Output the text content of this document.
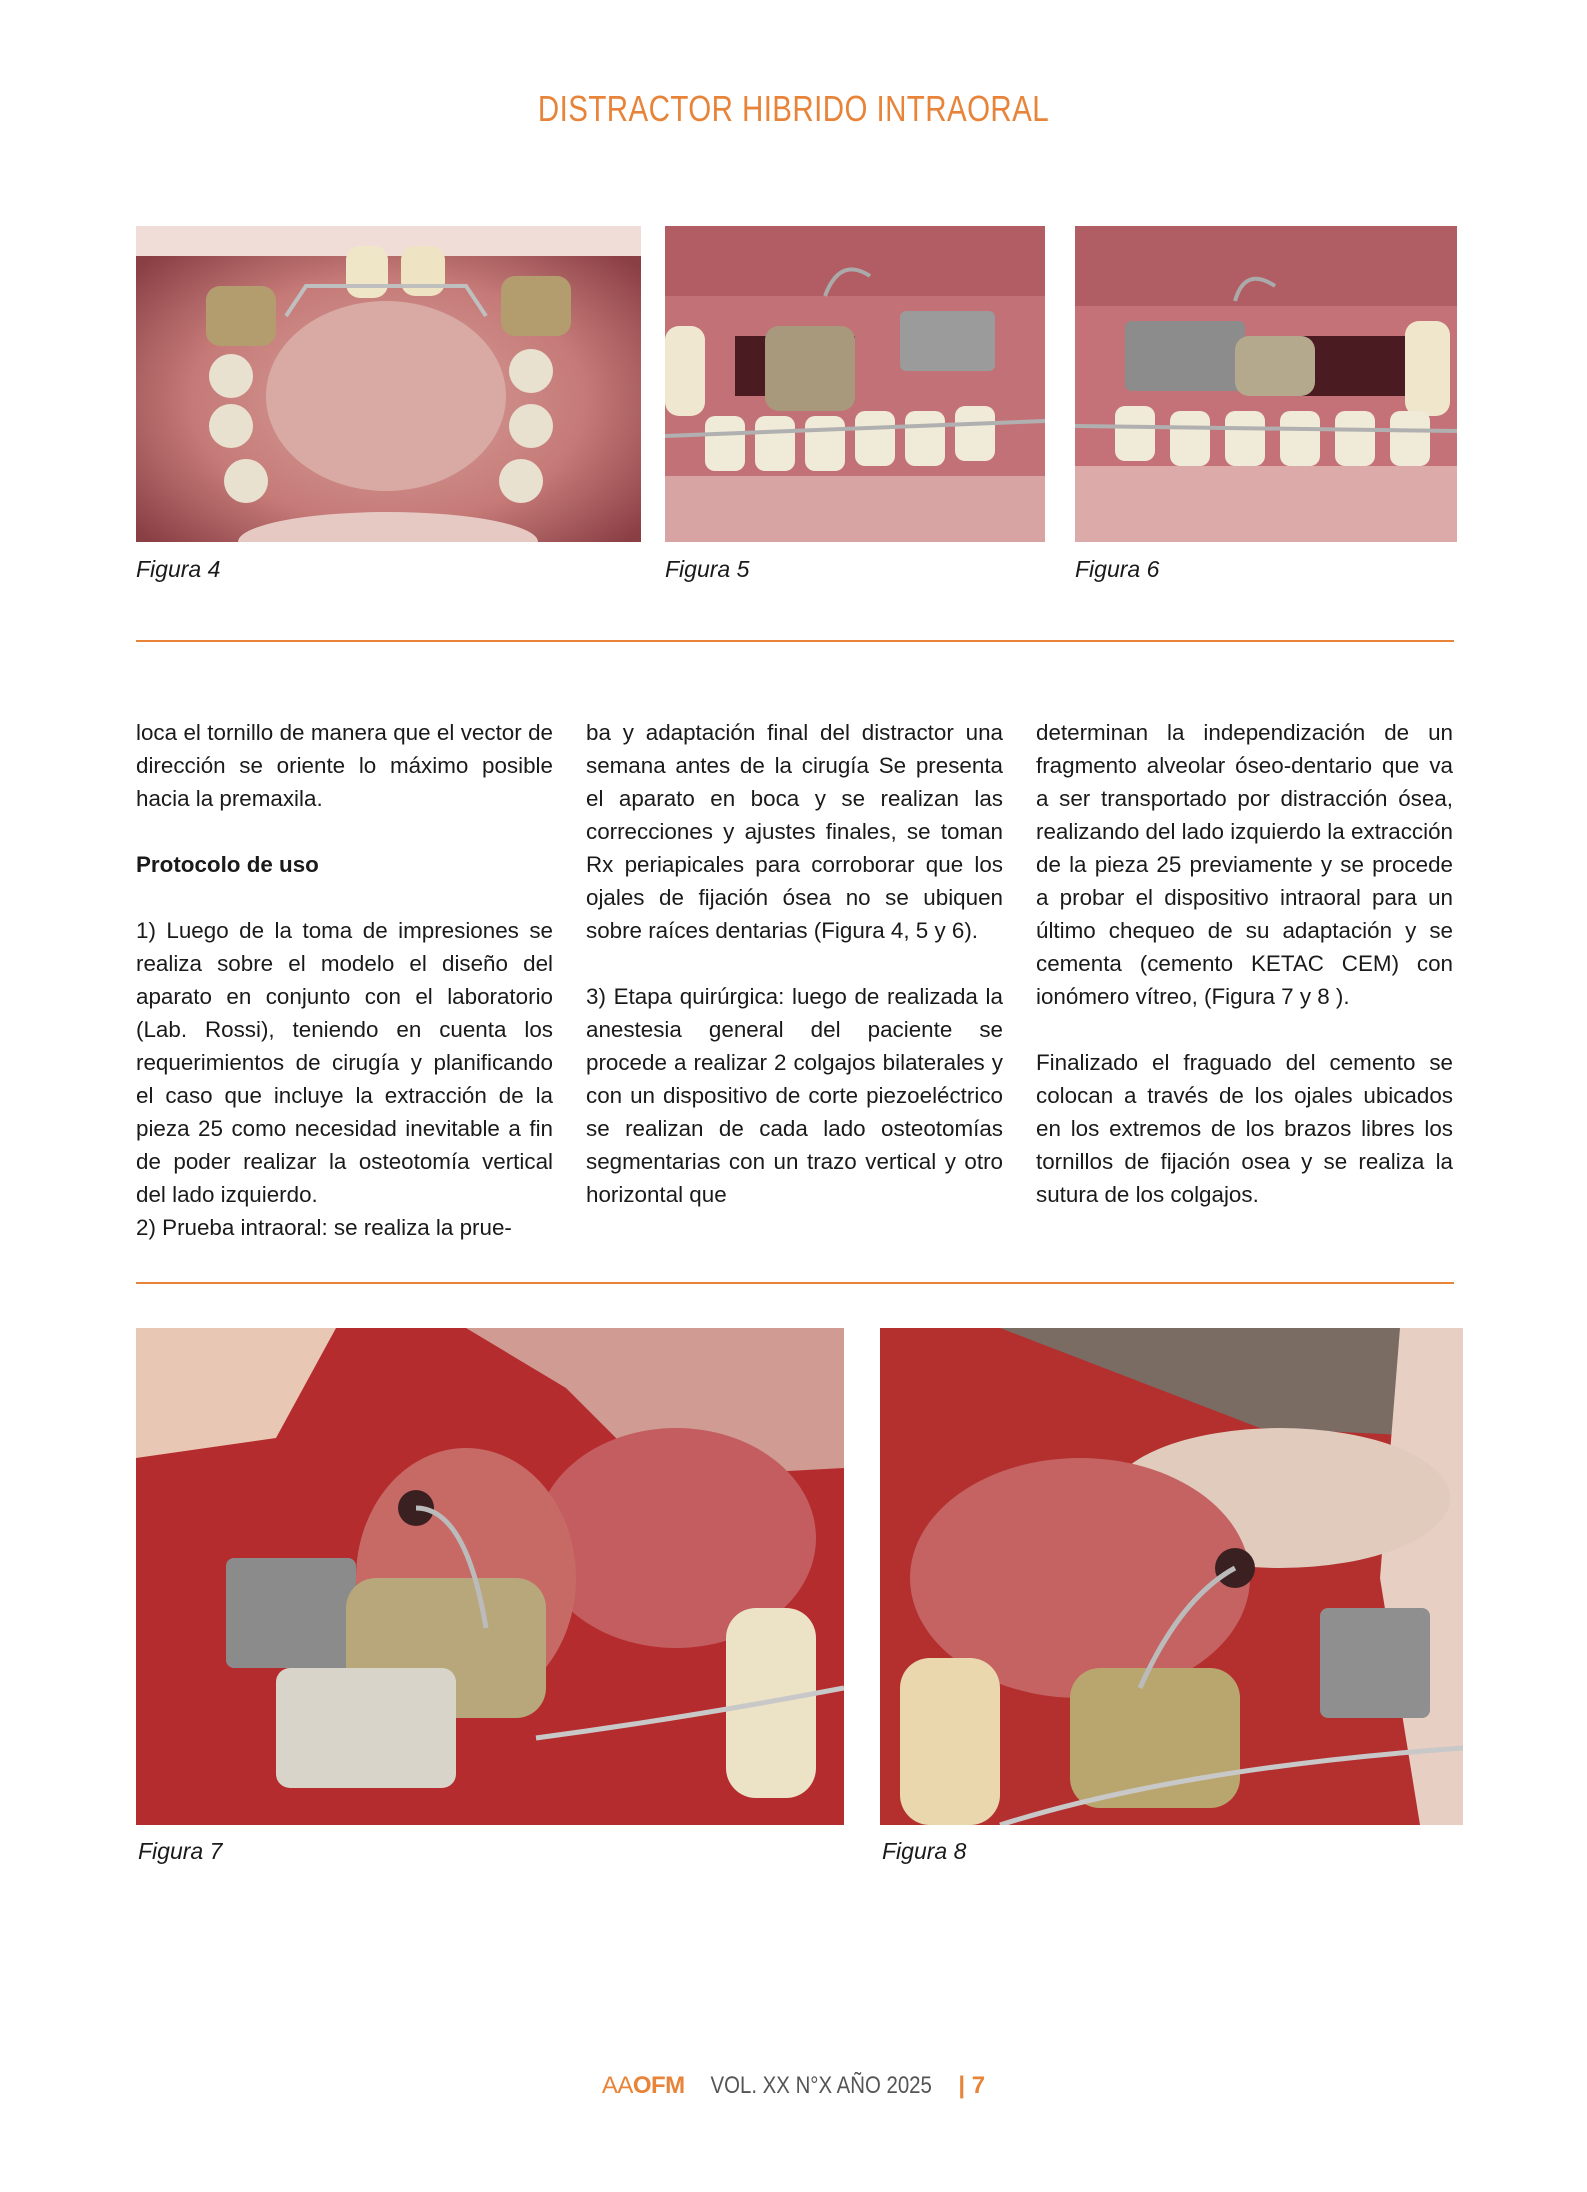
DISTRACTOR HIBRIDO INTRAORAL
Figura 4	Figura 5	Figura 6

loca el tornillo de manera que el vector de dirección se oriente lo máximo posible hacia la premaxila.

Protocolo de uso

1) Luego de la toma de impresiones se realiza sobre el modelo el diseño del aparato en conjunto con el laboratorio (Lab. Rossi), teniendo en cuenta los requerimientos de cirugía y planificando el caso que incluye la extracción de la pieza 25 como necesidad inevitable a fin de poder realizar la osteotomía vertical del lado izquierdo.

2) Prueba intraoral: se realiza la prue-

ba y adaptación final del distractor una semana antes de la cirugía Se presenta el aparato en boca y se realizan las correcciones y ajustes finales, se toman Rx periapicales para corroborar que los ojales de fijación ósea no se ubiquen sobre raíces dentarias (Figura 4, 5 y 6).

3) Etapa quirúrgica: luego de realizada la anestesia general del paciente se procede a realizar 2 colgajos bilaterales y con un dispositivo de corte piezoeléctrico se realizan de cada lado osteotomías segmentarias con un trazo vertical y otro horizontal que

determinan la independización de un fragmento alveolar óseo-dentario que va a ser transportado por distracción ósea, realizando del lado izquierdo la extracción de la pieza 25 previamente y se procede a probar el dispositivo intraoral para un último chequeo de su adaptación y se cementa (cemento KETAC CEM) con ionómero vítreo, (Figura 7 y 8 ).

Finalizado el fraguado del cemento se colocan a través de los ojales ubicados en los extremos de los brazos libres los tornillos de fijación osea y se realiza la sutura de los colgajos.

Figura 7	Figura 8
AAOFM VOL. XX N°X AÑO 2025 | 7
